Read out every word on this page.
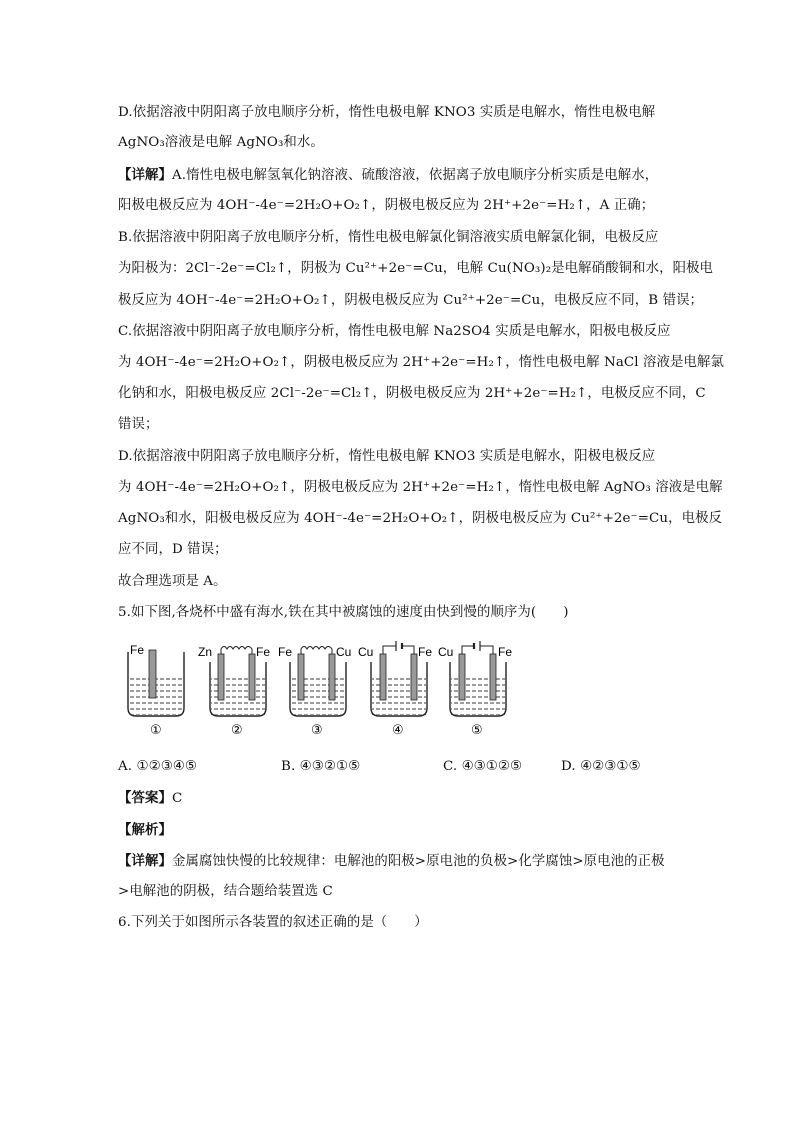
D.依据溶液中阴阳离子放电顺序分析，惰性电极电解 KNO3 实质是电解水，惰性电极电解
AgNO₃溶液是电解 AgNO₃和水。
【详解】A.惰性电极电解氢氧化钠溶液、硫酸溶液，依据离子放电顺序分析实质是电解水，
阳极电极反应为 4OH⁻-4e⁻=2H₂O+O₂↑，阴极电极反应为 2H⁺+2e⁻=H₂↑，A 正确；
B.依据溶液中阴阳离子放电顺序分析，惰性电极电解氯化铜溶液实质电解氯化铜，电极反应
为阳极为：2Cl⁻-2e⁻=Cl₂↑，阴极为 Cu²⁺+2e⁻=Cu，电解 Cu(NO₃)₂是电解硝酸铜和水，阳极电
极反应为 4OH⁻-4e⁻=2H₂O+O₂↑，阴极电极反应为 Cu²⁺+2e⁻=Cu，电极反应不同，B 错误；
C.依据溶液中阴阳离子放电顺序分析，惰性电极电解 Na2SO4 实质是电解水，阳极电极反应
为 4OH⁻-4e⁻=2H₂O+O₂↑，阴极电极反应为 2H⁺+2e⁻=H₂↑，惰性电极电解 NaCl 溶液是电解氯
化钠和水，阳极电极反应 2Cl⁻-2e⁻=Cl₂↑，阴极电极反应为 2H⁺+2e⁻=H₂↑，电极反应不同，C
错误；
D.依据溶液中阴阳离子放电顺序分析，惰性电极电解 KNO3 实质是电解水，阳极电极反应
为 4OH⁻-4e⁻=2H₂O+O₂↑，阴极电极反应为 2H⁺+2e⁻=H₂↑，惰性电极电解 AgNO₃ 溶液是电解
AgNO₃和水，阳极电极反应为 4OH⁻-4e⁻=2H₂O+O₂↑，阴极电极反应为 Cu²⁺+2e⁻=Cu，电极反
应不同，D 错误；
故合理选项是 A。
5.如下图,各烧杯中盛有海水,铁在其中被腐蚀的速度由快到慢的顺序为(　　)
Fe
①
Zn	Fe
②
Fe	Cu
③
Cu	Fe
④
Cu	Fe
⑤
A. ①②③④⑤	B. ④③②①⑤	C. ④③①②⑤	D. ④②③①⑤
【答案】C
【解析】
【详解】金属腐蚀快慢的比较规律：电解池的阳极>原电池的负极>化学腐蚀>原电池的正极
>电解池的阴极，结合题给装置选 C
6.下列关于如图所示各装置的叙述正确的是（　　）
